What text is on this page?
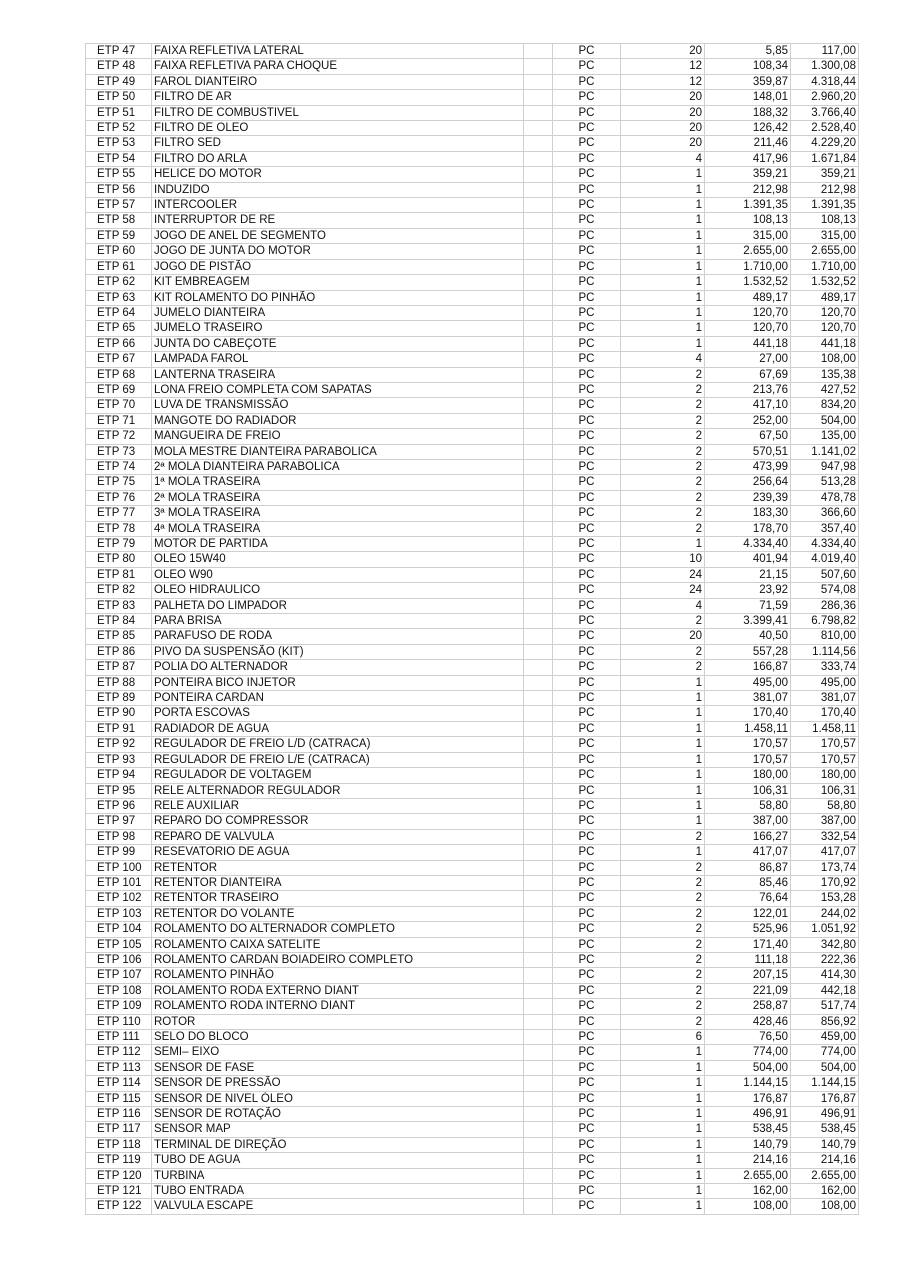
ETP 47	FAIXA REFLETIVA LATERAL		PC	20	5,85	117,00
ETP 48	FAIXA REFLETIVA PARA CHOQUE		PC	12	108,34	1.300,08
ETP 49	FAROL DIANTEIRO		PC	12	359,87	4.318,44
ETP 50	FILTRO DE AR		PC	20	148,01	2.960,20
ETP 51	FILTRO DE COMBUSTIVEL		PC	20	188,32	3.766,40
ETP 52	FILTRO DE OLEO		PC	20	126,42	2.528,40
ETP 53	FILTRO SED		PC	20	211,46	4.229,20
ETP 54	FILTRO DO ARLA		PC	4	417,96	1.671,84
ETP 55	HELICE DO MOTOR		PC	1	359,21	359,21
ETP 56	INDUZIDO		PC	1	212,98	212,98
ETP 57	INTERCOOLER		PC	1	1.391,35	1.391,35
ETP 58	INTERRUPTOR DE RE		PC	1	108,13	108,13
ETP 59	JOGO DE ANEL DE SEGMENTO		PC	1	315,00	315,00
ETP 60	JOGO DE JUNTA DO MOTOR		PC	1	2.655,00	2.655,00
ETP 61	JOGO DE PISTÃO		PC	1	1.710,00	1.710,00
ETP 62	KIT EMBREAGEM		PC	1	1.532,52	1.532,52
ETP 63	KIT ROLAMENTO DO PINHÃO		PC	1	489,17	489,17
ETP 64	JUMELO DIANTEIRA		PC	1	120,70	120,70
ETP 65	JUMELO TRASEIRO		PC	1	120,70	120,70
ETP 66	JUNTA DO CABEÇOTE		PC	1	441,18	441,18
ETP 67	LAMPADA FAROL		PC	4	27,00	108,00
ETP 68	LANTERNA TRASEIRA		PC	2	67,69	135,38
ETP 69	LONA FREIO COMPLETA COM SAPATAS		PC	2	213,76	427,52
ETP 70	LUVA DE TRANSMISSÃO		PC	2	417,10	834,20
ETP 71	MANGOTE DO RADIADOR		PC	2	252,00	504,00
ETP 72	MANGUEIRA DE FREIO		PC	2	67,50	135,00
ETP 73	MOLA MESTRE DIANTEIRA PARABOLICA		PC	2	570,51	1.141,02
ETP 74	2ª MOLA DIANTEIRA PARABOLICA		PC	2	473,99	947,98
ETP 75	1ª MOLA TRASEIRA		PC	2	256,64	513,28
ETP 76	2ª MOLA TRASEIRA		PC	2	239,39	478,78
ETP 77	3ª MOLA TRASEIRA		PC	2	183,30	366,60
ETP 78	4ª MOLA TRASEIRA		PC	2	178,70	357,40
ETP 79	MOTOR DE PARTIDA		PC	1	4.334,40	4.334,40
ETP 80	OLEO 15W40		PC	10	401,94	4.019,40
ETP 81	OLEO W90		PC	24	21,15	507,60
ETP 82	OLEO HIDRAULICO		PC	24	23,92	574,08
ETP 83	PALHETA DO LIMPADOR		PC	4	71,59	286,36
ETP 84	PARA BRISA		PC	2	3.399,41	6.798,82
ETP 85	PARAFUSO DE RODA		PC	20	40,50	810,00
ETP 86	PIVO DA SUSPENSÃO (KIT)		PC	2	557,28	1.114,56
ETP 87	POLIA DO ALTERNADOR		PC	2	166,87	333,74
ETP 88	PONTEIRA BICO INJETOR		PC	1	495,00	495,00
ETP 89	PONTEIRA CARDAN		PC	1	381,07	381,07
ETP 90	PORTA ESCOVAS		PC	1	170,40	170,40
ETP 91	RADIADOR DE AGUA		PC	1	1.458,11	1.458,11
ETP 92	REGULADOR DE FREIO L/D (CATRACA)		PC	1	170,57	170,57
ETP 93	REGULADOR DE FREIO L/E (CATRACA)		PC	1	170,57	170,57
ETP 94	REGULADOR DE VOLTAGEM		PC	1	180,00	180,00
ETP 95	RELE ALTERNADOR REGULADOR		PC	1	106,31	106,31
ETP 96	RELE AUXILIAR		PC	1	58,80	58,80
ETP 97	REPARO DO COMPRESSOR		PC	1	387,00	387,00
ETP 98	REPARO DE VALVULA		PC	2	166,27	332,54
ETP 99	RESEVATORIO DE AGUA		PC	1	417,07	417,07
ETP 100	RETENTOR		PC	2	86,87	173,74
ETP 101	RETENTOR DIANTEIRA		PC	2	85,46	170,92
ETP 102	RETENTOR TRASEIRO		PC	2	76,64	153,28
ETP 103	RETENTOR DO VOLANTE		PC	2	122,01	244,02
ETP 104	ROLAMENTO DO ALTERNADOR COMPLETO		PC	2	525,96	1.051,92
ETP 105	ROLAMENTO CAIXA SATELITE		PC	2	171,40	342,80
ETP 106	ROLAMENTO CARDAN BOIADEIRO COMPLETO		PC	2	111,18	222,36
ETP 107	ROLAMENTO PINHÃO		PC	2	207,15	414,30
ETP 108	ROLAMENTO RODA EXTERNO DIANT		PC	2	221,09	442,18
ETP 109	ROLAMENTO RODA INTERNO DIANT		PC	2	258,87	517,74
ETP 110	ROTOR		PC	2	428,46	856,92
ETP 111	SELO DO BLOCO		PC	6	76,50	459,00
ETP 112	SEMI– EIXO		PC	1	774,00	774,00
ETP 113	SENSOR DE FASE		PC	1	504,00	504,00
ETP 114	SENSOR DE PRESSÃO		PC	1	1.144,15	1.144,15
ETP 115	SENSOR DE NIVEL ÓLEO		PC	1	176,87	176,87
ETP 116	SENSOR DE ROTAÇÃO		PC	1	496,91	496,91
ETP 117	SENSOR MAP		PC	1	538,45	538,45
ETP 118	TERMINAL DE DIREÇÃO		PC	1	140,79	140,79
ETP 119	TUBO DE AGUA		PC	1	214,16	214,16
ETP 120	TURBINA		PC	1	2.655,00	2.655,00
ETP 121	TUBO ENTRADA		PC	1	162,00	162,00
ETP 122	VALVULA ESCAPE		PC	1	108,00	108,00
